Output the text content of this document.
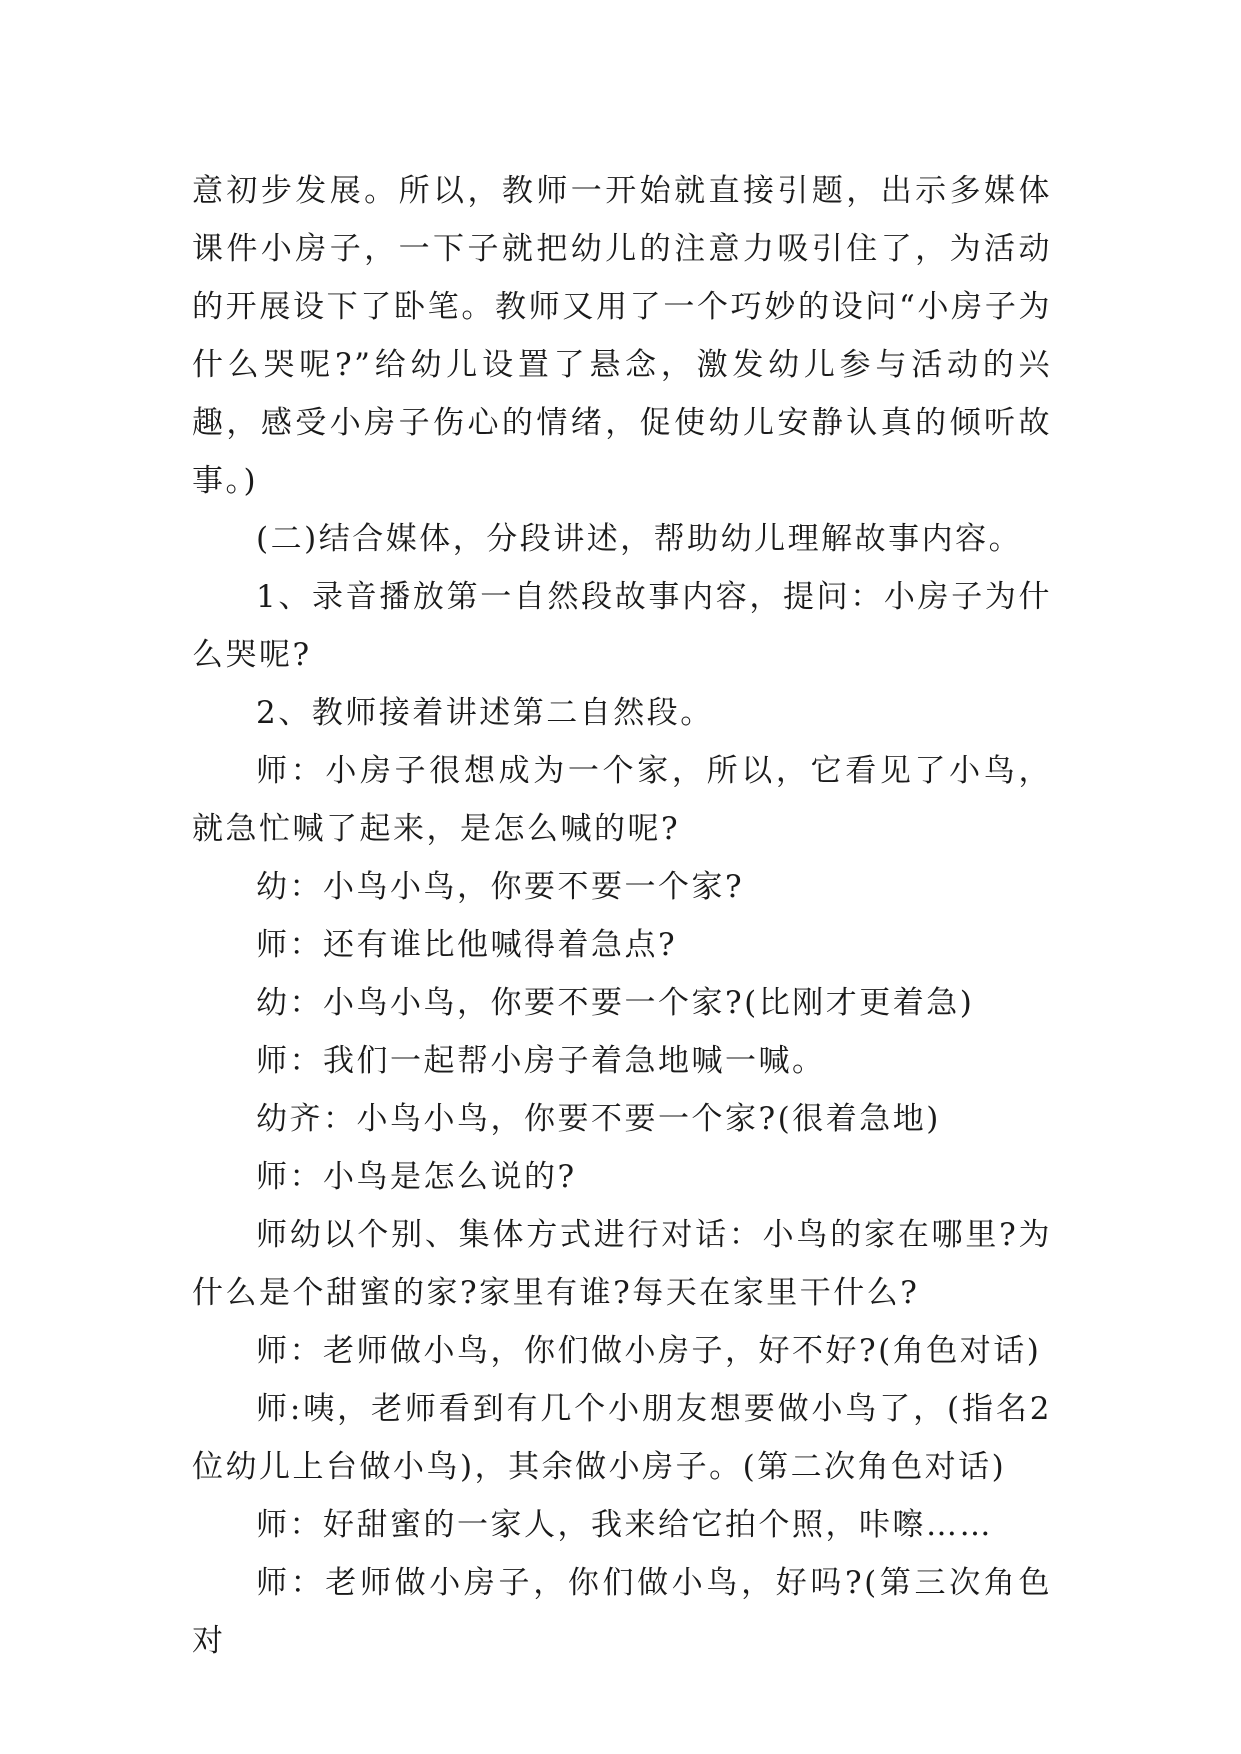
意初步发展。所以，教师一开始就直接引题，出示多媒体课件小房子，一下子就把幼儿的注意力吸引住了，为活动的开展设下了卧笔。教师又用了一个巧妙的设问“小房子为什么哭呢?”给幼儿设置了悬念，激发幼儿参与活动的兴趣，感受小房子伤心的情绪，促使幼儿安静认真的倾听故事。)

(二)结合媒体，分段讲述，帮助幼儿理解故事内容。

1、录音播放第一自然段故事内容，提问：小房子为什么哭呢?

2、教师接着讲述第二自然段。

师：小房子很想成为一个家，所以，它看见了小鸟，就急忙喊了起来，是怎么喊的呢?

幼：小鸟小鸟，你要不要一个家?

师：还有谁比他喊得着急点?

幼：小鸟小鸟，你要不要一个家?(比刚才更着急)

师：我们一起帮小房子着急地喊一喊。

幼齐：小鸟小鸟，你要不要一个家?(很着急地)

师：小鸟是怎么说的?

师幼以个别、集体方式进行对话：小鸟的家在哪里?为什么是个甜蜜的家?家里有谁?每天在家里干什么?

师：老师做小鸟，你们做小房子，好不好?(角色对话)

师:咦，老师看到有几个小朋友想要做小鸟了，(指名2位幼儿上台做小鸟)，其余做小房子。(第二次角色对话)

师：好甜蜜的一家人，我来给它拍个照，咔嚓……

师：老师做小房子，你们做小鸟，好吗?(第三次角色对
